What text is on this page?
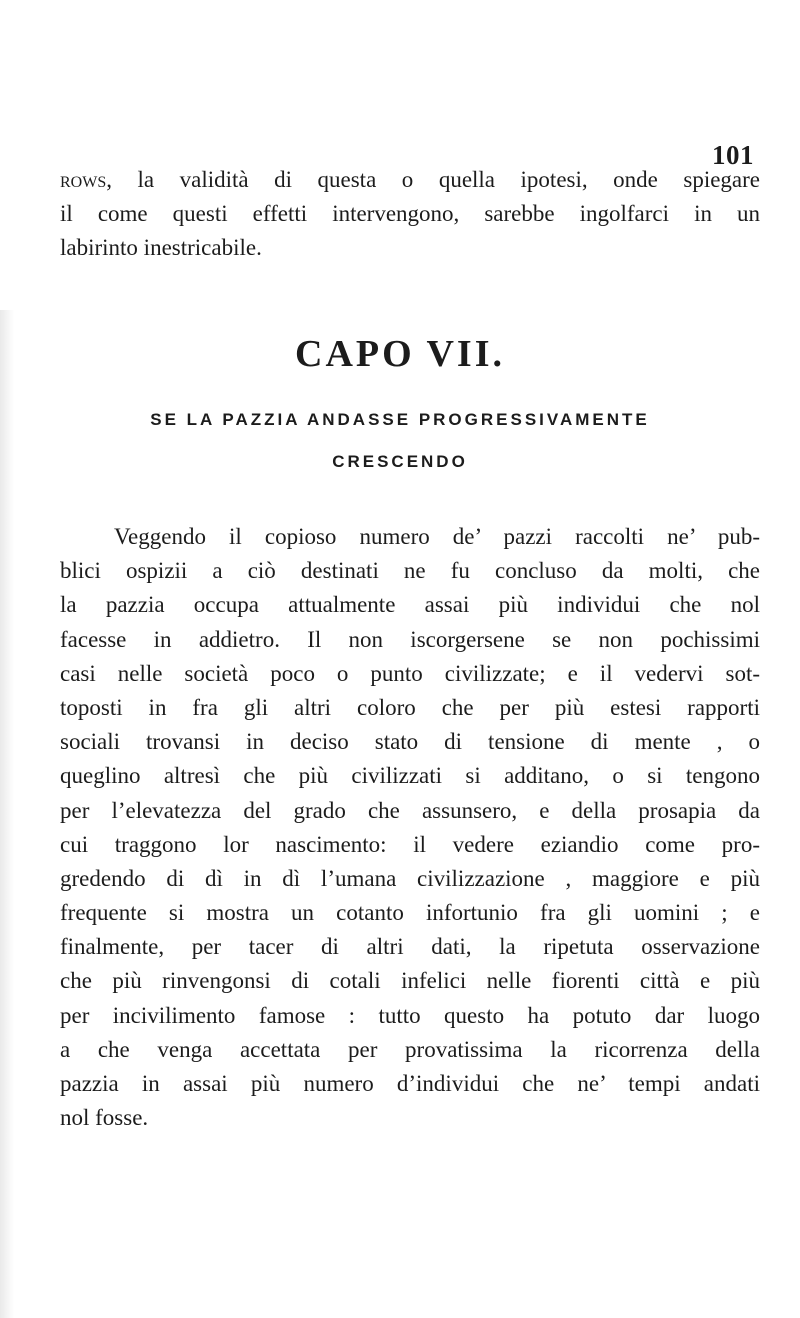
101
rows, la validità di questa o quella ipotesi, onde spiegare
il come questi effetti intervengono, sarebbe ingolfarci in un
labirinto inestricabile.
CAPO VII.
SE LA PAZZIA ANDASSE PROGRESSIVAMENTE
CRESCENDO
Veggendo il copioso numero de’ pazzi raccolti ne’ pub-
blici ospizii a ciò destinati ne fu concluso da molti, che
la pazzia occupa attualmente assai più individui che nol
facesse in addietro. Il non iscorgersene se non pochissimi
casi nelle società poco o punto civilizzate; e il vedervi sot-
toposti in fra gli altri coloro che per più estesi rapporti
sociali trovansi in deciso stato di tensione di mente , o
queglino altresì che più civilizzati si additano, o si tengono
per l’elevatezza del grado che assunsero, e della prosapia da
cui traggono lor nascimento: il vedere eziandio come pro-
gredendo di dì in dì l’umana civilizzazione , maggiore e più
frequente si mostra un cotanto infortunio fra gli uomini ; e
finalmente, per tacer di altri dati, la ripetuta osservazione
che più rinvengonsi di cotali infelici nelle fiorenti città e più
per incivilimento famose : tutto questo ha potuto dar luogo
a che venga accettata per provatissima la ricorrenza della
pazzia in assai più numero d’individui che ne’ tempi andati
nol fosse.
